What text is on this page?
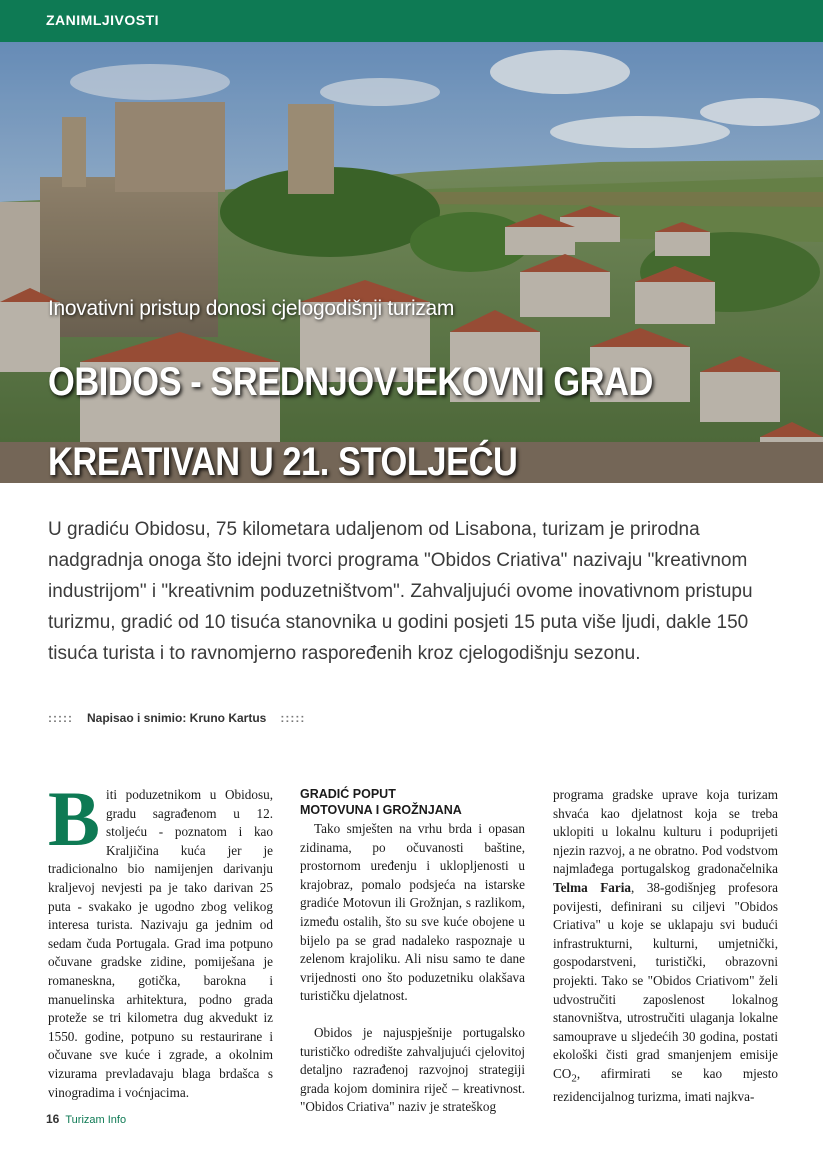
ZANIMLJIVOSTI
Inovativni pristup donosi cjelogodišnji turizam
OBIDOS - SREDNJOVJEKOVNI GRAD
KREATIVAN U 21. STOLJEĆU
U gradiću Obidosu, 75 kilometara udaljenom od Lisabona, turizam je prirodna nadgradnja onoga što idejni tvorci programa "Obidos Criativa" nazivaju "kreativnom industrijom" i "kreativnim poduzetništvom". Zahvaljujući ovome inovativnom pristupu turizmu, gradić od 10 tisuća stanovnika u godini posjeti 15 puta više ljudi, dakle 150 tisuća turista i to ravnomjerno raspoređenih kroz cjelogodišnju sezonu.
::::: Napisao i snimio: Kruno Kartus :::::
B iti poduzetnikom u Obidosu, gradu sagrađenom u 12. stoljeću - poznatom i kao Kraljičina kuća jer je tradicionalno bio namijenjen darivanju kraljevoj nevjesti pa je tako darivan 25 puta - svakako je ugodno zbog velikog interesa turista. Nazivaju ga jednim od sedam čuda Portugala. Grad ima potpuno očuvane gradske zidine, pomiješana je romaneskna, gotička, barokna i manuelinska arhitektura, podno grada proteže se tri kilometra dug akvedukt iz 1550. godine, potpuno su restaurirane i očuvane sve kuće i zgrade, a okolnim vizurama prevladavaju blaga brdašca s vinogradima i voćnjacima.

GRADIĆ POPUT
MOTOVUNA I GROŽNJANA

Tako smješten na vrhu brda i opasan zidinama, po očuvanosti baštine, prostornom uređenju i uklopljenosti u krajobraz, pomalo podsjeća na istarske gradiće Motovun ili Grožnjan, s razlikom, između ostalih, što su sve kuće obojene u bijelo pa se grad nadaleko raspoznaje u zelenom krajoliku. Ali nisu samo te dane vrijednosti ono što poduzetniku olakšava turističku djelatnost.

Obidos je najuspješnije portugalsko turističko odredište zahvaljujući cjelovitoj detaljno razrađenoj razvojnoj strategiji grada kojom dominira riječ – kreativnost. "Obidos Criativa" naziv je strateškog

programa gradske uprave koja turizam shvaća kao djelatnost koja se treba uklopiti u lokalnu kulturu i poduprijeti njezin razvoj, a ne obratno. Pod vodstvom najmlađega portugalskog gradonačelnika Telma Faria, 38-godišnjeg profesora povijesti, definirani su ciljevi "Obidos Criativa" u koje se uklapaju svi budući infrastrukturni, kulturni, umjetnički, gospodarstveni, turistički, obrazovni projekti. Tako se "Obidos Criativom" želi udvostručiti zaposlenost lokalnog stanovništva, utrostručiti ulaganja lokalne samouprave u sljedećih 30 godina, postati ekološki čisti grad smanjenjem emisije $CO_2$, afirmirati se kao mjesto rezidencijalnog turizma, imati najkva-

16 Turizam Info
